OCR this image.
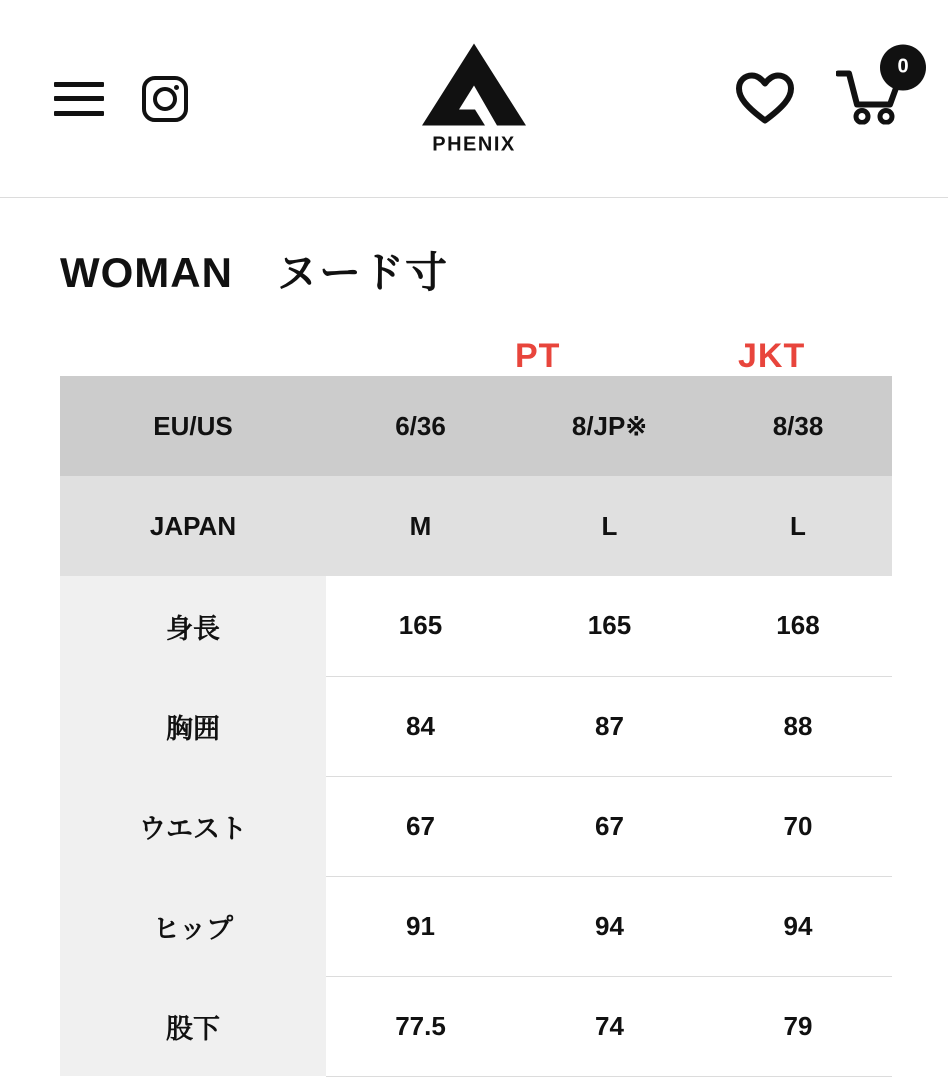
PHENIX
0
WOMAN　ヌード寸
PT	JKT
EU/US	6/36	8/JP※	8/38
JAPAN	M	L	L
身長	165	165	168
胸囲	84	87	88
ウエスト	67	67	70
ヒップ	91	94	94
股下	77.5	74	79
